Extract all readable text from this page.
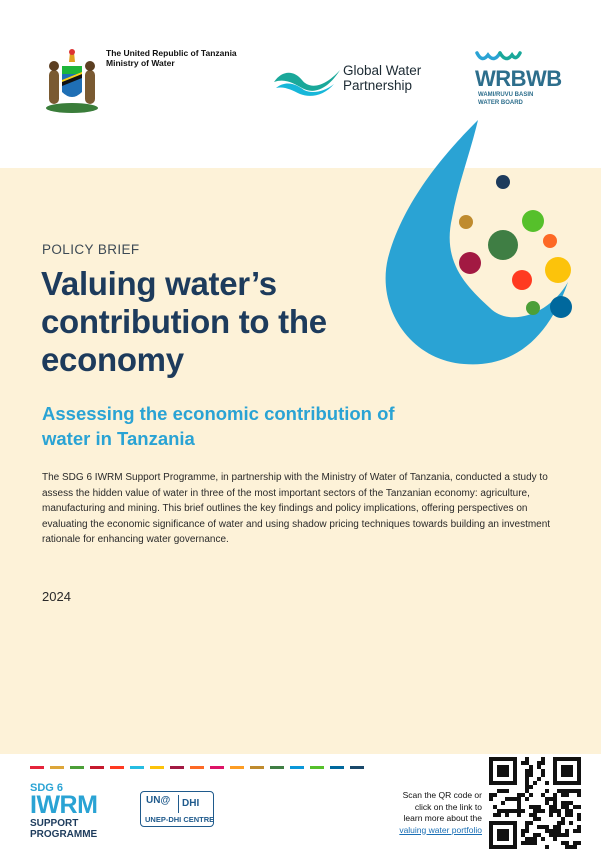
The United Republic of Tanzania
Ministry of Water	Global Water
Partnership	WRBWB
WAMI/RUVU BASIN
WATER BOARD
POLICY BRIEF
Valuing water’s contribution to the economy
Assessing the economic contribution of water in Tanzania
The SDG 6 IWRM Support Programme, in partnership with the Ministry of Water of Tanzania, conducted a study to assess the hidden value of water in three of the most important sectors of the Tanzanian economy: agriculture, manufacturing and mining. This brief outlines the key findings and policy implications, offering perspectives on evaluating the economic significance of water and using shadow pricing techniques towards building an investment rationale for enhancing water governance.
2024
SDG 6
IWRM
SUPPORT
PROGRAMME
UN@ DHI
UNEP-DHI CENTRE
Scan the QR code or
click on the link to
learn more about the
valuing water portfolio
